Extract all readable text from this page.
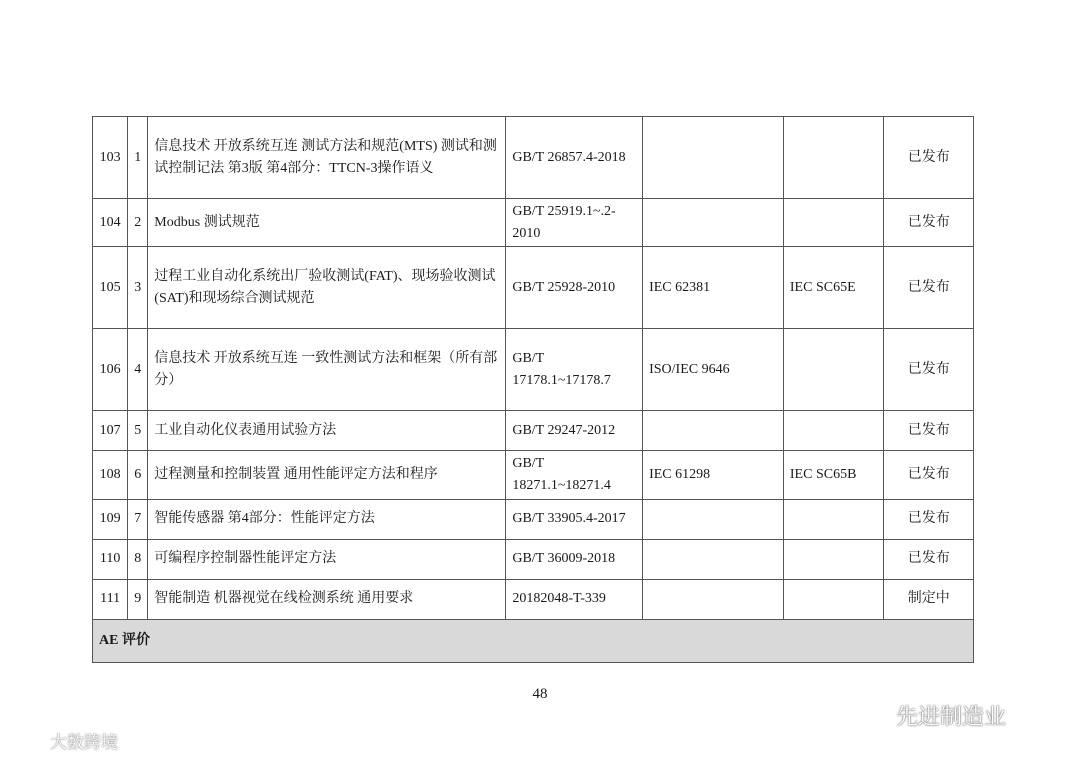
103	1	信息技术 开放系统互连 测试方法和规范(MTS) 测试和测试控制记法 第3版 第4部分：TTCN-3操作语义	GB/T 26857.4-2018			已发布
104	2	Modbus 测试规范	GB/T 25919.1~.2-2010			已发布
105	3	过程工业自动化系统出厂验收测试(FAT)、现场验收测试(SAT)和现场综合测试规范	GB/T 25928-2010	IEC 62381	IEC SC65E	已发布
106	4	信息技术 开放系统互连 一致性测试方法和框架（所有部分）	GB/T 17178.1~17178.7	ISO/IEC 9646		已发布
107	5	工业自动化仪表通用试验方法	GB/T 29247-2012			已发布
108	6	过程测量和控制装置 通用性能评定方法和程序	GB/T 18271.1~18271.4	IEC 61298	IEC SC65B	已发布
109	7	智能传感器 第4部分：性能评定方法	GB/T 33905.4-2017			已发布
110	8	可编程序控制器性能评定方法	GB/T 36009-2018			已发布
111	9	智能制造 机器视觉在线检测系统 通用要求	20182048-T-339			制定中
AE 评价						
48
大数跨境
先进制造业
